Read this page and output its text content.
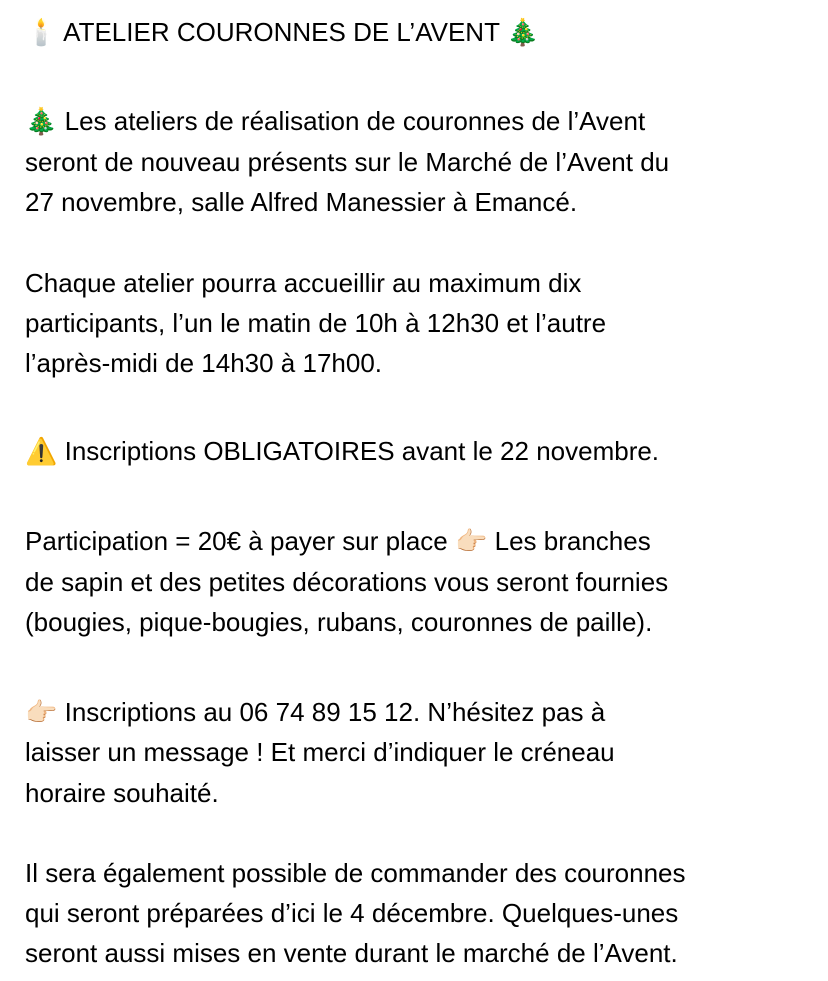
🕯️ ATELIER COURONNES DE L’AVENT 🎄
🎄 Les ateliers de réalisation de couronnes de l’Avent
seront de nouveau présents sur le Marché de l’Avent du
27 novembre, salle Alfred Manessier à Emancé.
Chaque atelier pourra accueillir au maximum dix
participants, l’un le matin de 10h à 12h30 et l’autre
l’après-midi de 14h30 à 17h00.
⚠️ Inscriptions OBLIGATOIRES avant le 22 novembre.
Participation = 20€ à payer sur place 👉🏻 Les branches
de sapin et des petites décorations vous seront fournies
(bougies, pique-bougies, rubans, couronnes de paille).
👉🏻 Inscriptions au 06 74 89 15 12. N’hésitez pas à
laisser un message ! Et merci d’indiquer le créneau
horaire souhaité.
Il sera également possible de commander des couronnes
qui seront préparées d’ici le 4 décembre. Quelques-unes
seront aussi mises en vente durant le marché de l’Avent.
